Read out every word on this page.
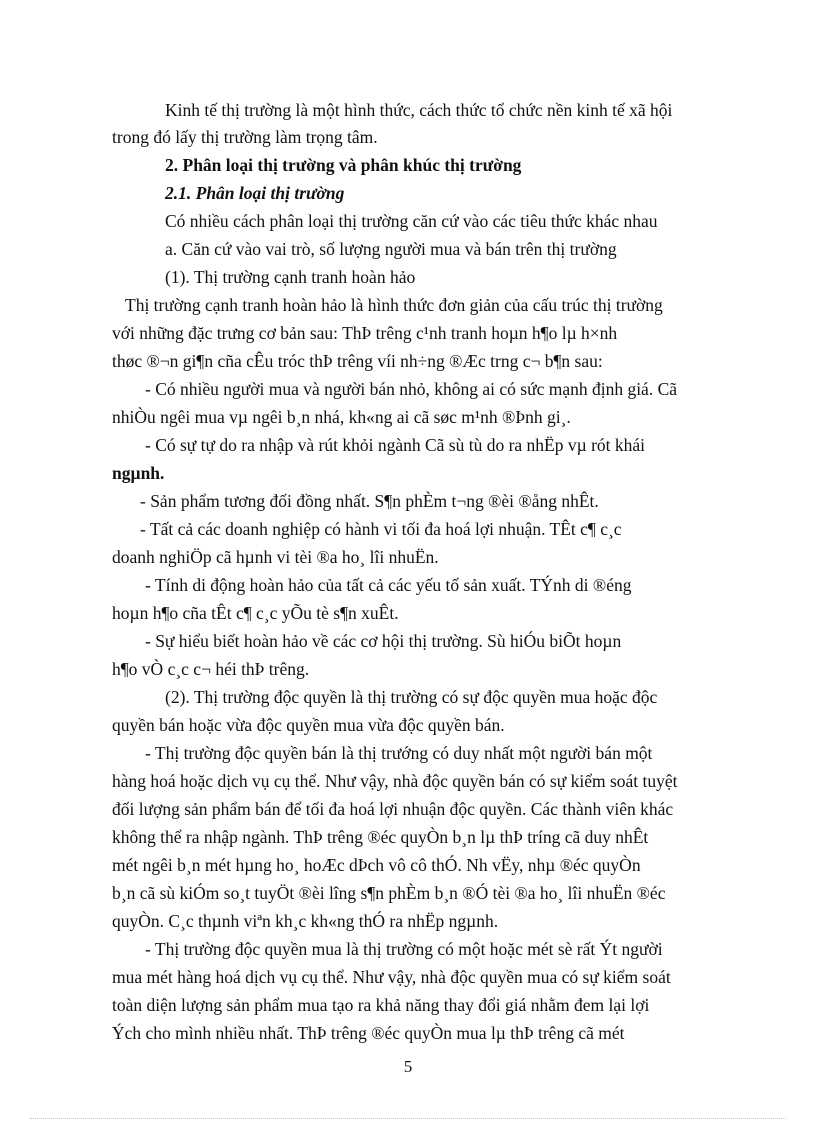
Kinh tế thị trường là một hình thức, cách thức tổ chức nền kinh tế xã hội
trong đó lấy thị trường làm trọng tâm.
2. Phân loại thị trường và phân khúc thị trường
2.1. Phân loại thị trường
Có nhiều cách phân loại thị trường căn cứ vào các tiêu thức khác nhau
a. Căn cứ vào vai trò, số lượng người mua và bán trên thị trường
(1). Thị trường cạnh tranh hoàn hảo
Thị trường cạnh tranh hoàn hảo là hình thức đơn giản của cấu trúc thị trường
với những đặc trưng cơ bản sau: ThÞ trêng c¹nh tranh hoµn h¶o lµ h×nh
thøc ®¬n gi¶n cña cÊu tróc thÞ trêng víi nh÷ng ®Æc trng c¬ b¶n sau:
- Có nhiều người mua và người bán nhỏ, không ai có sức mạnh định giá. Cã
nhiÒu ngêi mua vµ ngêi b¸n nhá, kh«ng ai cã søc m¹nh ®Þnh gi¸.
- Có sự tự do ra nhập và rút khỏi ngành Cã sù tù do ra nhËp vµ rót khái
ngµnh.
- Sản phẩm tương đối đồng nhất. S¶n phÈm t¬ng ®èi ®ång nhÊt.
- Tất cả các doanh nghiệp có hành vi tối đa hoá lợi nhuận. TÊt c¶ c¸c
doanh nghiÖp cã hµnh vi tèi ®a ho¸ lîi nhuËn.
- Tính di động hoàn hảo của tất cả các yếu tố sản xuất. TÝnh di ®éng
hoµn h¶o cña tÊt c¶ c¸c yÕu tè s¶n xuÊt.
- Sự hiểu biết hoàn hảo về các cơ hội thị trường. Sù hiÓu biÕt hoµn
h¶o vÒ c¸c c¬ héi thÞ trêng.
(2). Thị trường độc quyền là thị trường có sự độc quyền mua hoặc độc
quyền bán hoặc vừa độc quyền mua vừa độc quyền bán.
- Thị trường độc quyền bán là thị trướng có duy nhất một người bán một
hàng hoá hoặc dịch vụ cụ thể. Như vậy, nhà độc quyền bán có sự kiểm soát tuyệt
đối lượng sản phẩm bán để tối đa hoá lợi nhuận độc quyền. Các thành viên khác
không thể ra nhập ngành. ThÞ trêng ®éc quyÒn b¸n lµ thÞ tríng cã duy nhÊt
mét ngêi b¸n mét hµng ho¸ hoÆc dÞch vô cô thÓ. Nh vËy, nhµ ®éc quyÒn
b¸n cã sù kiÓm so¸t tuyÖt ®èi lîng s¶n phÈm b¸n ®Ó tèi ®a ho¸ lîi nhuËn ®éc
quyÒn. C¸c thµnh viªn kh¸c kh«ng thÓ ra nhËp ngµnh.
- Thị trường độc quyền mua là thị trường có một hoặc mét sè rất Ýt người
mua mét hàng hoá dịch vụ cụ thể. Như vậy, nhà độc quyền mua có sự kiểm soát
toàn diện lượng sản phẩm mua tạo ra khả năng thay đổi giá nhằm đem lại lợi
Ých cho mình nhiều nhất. ThÞ trêng ®éc quyÒn mua lµ thÞ trêng cã mét
5
